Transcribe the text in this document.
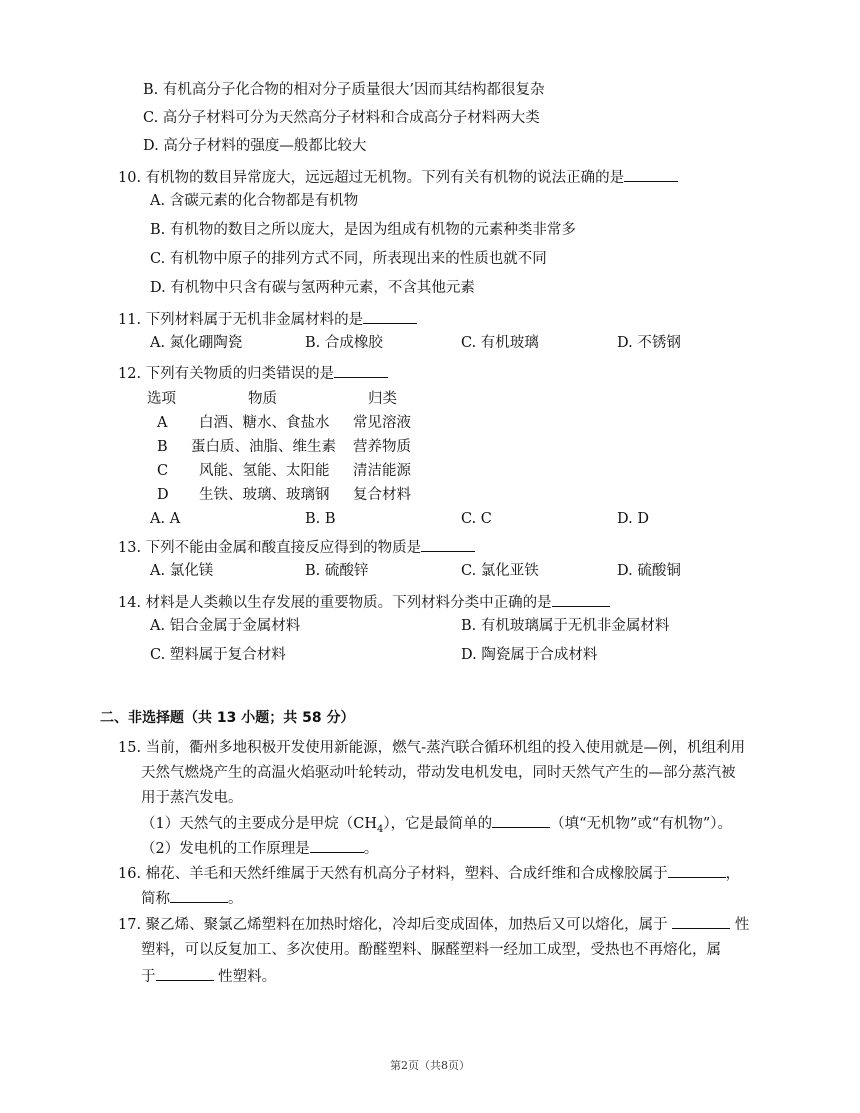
B. 有机高分子化合物的相对分子质量很大’因而其结构都很复杂
C. 高分子材料可分为天然高分子材料和合成高分子材料两大类
D. 高分子材料的强度—般都比较大
10. 有机物的数目异常庞大，远远超过无机物。下列有关有机物的说法正确的是
A. 含碳元素的化合物都是有机物
B. 有机物的数目之所以庞大，是因为组成有机物的元素种类非常多
C. 有机物中原子的排列方式不同，所表现出来的性质也就不同
D. 有机物中只含有碳与氢两种元素，不含其他元素
11. 下列材料属于无机非金属材料的是
A. 氮化硼陶瓷	B. 合成橡胶	C. 有机玻璃	D. 不锈钢
12. 下列有关物质的归类错误的是
选项	物质	归类
A 白酒、糖水、食盐水 常见溶液
B 蛋白质、油脂、维生素 营养物质
C 风能、氢能、太阳能 清洁能源
D 生铁、玻璃、玻璃钢 复合材料
A. A	B. B	C. C	D. D
13. 下列不能由金属和酸直接反应得到的物质是
A. 氯化镁	B. 硫酸锌	C. 氯化亚铁	D. 硫酸铜
14. 材料是人类赖以生存发展的重要物质。下列材料分类中正确的是
A. 铝合金属于金属材料	B. 有机玻璃属于无机非金属材料
C. 塑料属于复合材料	D. 陶瓷属于合成材料
二、非选择题（共 13 小题；共 58 分）
15. 当前，衢州多地积极开发使用新能源，燃气-蒸汽联合循环机组的投入使用就是—例，机组利用
天然气燃烧产生的高温火焰驱动叶轮转动，带动发电机发电，同时天然气产生的—部分蒸汽被
用于蒸汽发电。
（1）天然气的主要成分是甲烷$(CH_4)$，它是最简单的	（填“无机物”或“有机物”）。
（2）发电机的工作原理是	。
16. 棉花、羊毛和天然纤维属于天然有机高分子材料，塑料、合成纤维和合成橡胶属于	，
简称	。
17. 聚乙烯、聚氯乙烯塑料在加热时熔化，冷却后变成固体，加热后又可以熔化，属于	性
塑料，可以反复加工、多次使用。酚醛塑料、脲醛塑料一经加工成型，受热也不再熔化，属
于	性塑料。
第2页（共8页）
